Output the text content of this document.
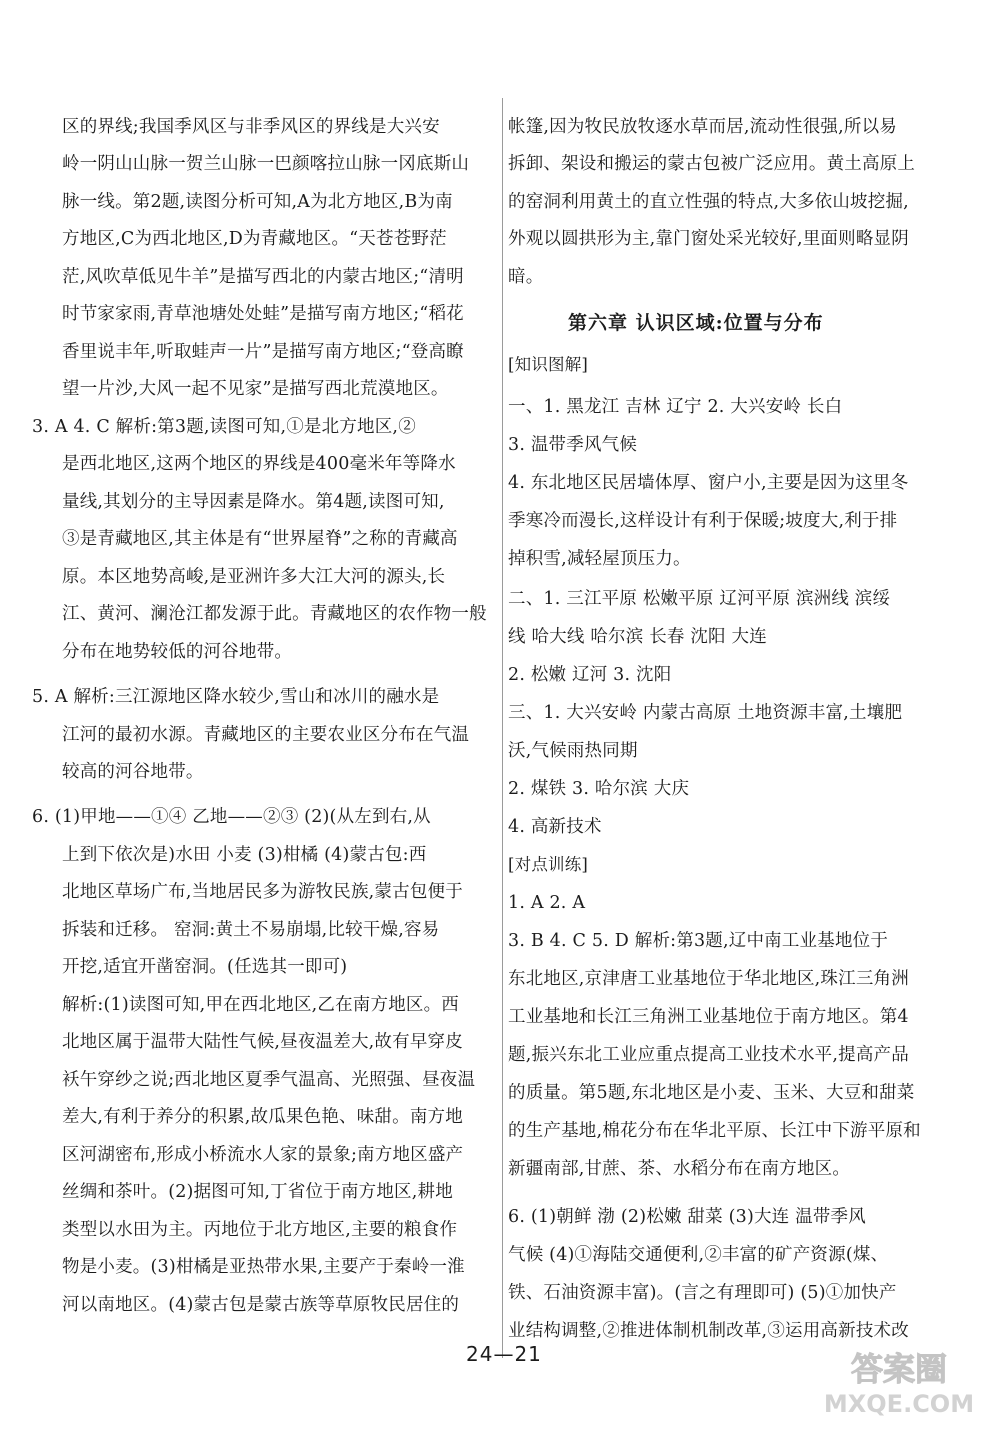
区的界线;我国季风区与非季风区的界线是大兴安
岭一阴山山脉一贺兰山脉一巴颜喀拉山脉一冈底斯山
脉一线。第2题,读图分析可知,A为北方地区,B为南
方地区,C为西北地区,D为青藏地区。“天苍苍野茫
茫,风吹草低见牛羊”是描写西北的内蒙古地区;“清明
时节家家雨,青草池塘处处蛙”是描写南方地区;“稻花
香里说丰年,听取蛙声一片”是描写南方地区;“登高瞭
望一片沙,大风一起不见家”是描写西北荒漠地区。
3. A 4. C 解析:第3题,读图可知,①是北方地区,②
是西北地区,这两个地区的界线是400毫米年等降水
量线,其划分的主导因素是降水。第4题,读图可知,
③是青藏地区,其主体是有“世界屋脊”之称的青藏高
原。本区地势高峻,是亚洲许多大江大河的源头,长
江、黄河、澜沧江都发源于此。青藏地区的农作物一般
分布在地势较低的河谷地带。
5. A 解析:三江源地区降水较少,雪山和冰川的融水是
江河的最初水源。青藏地区的主要农业区分布在气温
较高的河谷地带。
6. (1)甲地——①④ 乙地——②③ (2)(从左到右,从
上到下依次是)水田 小麦 (3)柑橘 (4)蒙古包:西
北地区草场广布,当地居民多为游牧民族,蒙古包便于
拆装和迁移。 窑洞:黄土不易崩塌,比较干燥,容易
开挖,适宜开凿窑洞。(任选其一即可)
解析:(1)读图可知,甲在西北地区,乙在南方地区。西
北地区属于温带大陆性气候,昼夜温差大,故有早穿皮
袄午穿纱之说;西北地区夏季气温高、光照强、昼夜温
差大,有利于养分的积累,故瓜果色艳、味甜。南方地
区河湖密布,形成小桥流水人家的景象;南方地区盛产
丝绸和茶叶。(2)据图可知,丁省位于南方地区,耕地
类型以水田为主。丙地位于北方地区,主要的粮食作
物是小麦。(3)柑橘是亚热带水果,主要产于秦岭一淮
河以南地区。(4)蒙古包是蒙古族等草原牧民居住的
帐篷,因为牧民放牧逐水草而居,流动性很强,所以易
拆卸、架设和搬运的蒙古包被广泛应用。黄土高原上
的窑洞利用黄土的直立性强的特点,大多依山坡挖掘,
外观以圆拱形为主,靠门窗处采光较好,里面则略显阴
暗。
第六章 认识区域:位置与分布
[知识图解]
一、1. 黑龙江 吉林 辽宁 2. 大兴安岭 长白
3. 温带季风气候
4. 东北地区民居墙体厚、窗户小,主要是因为这里冬
季寒冷而漫长,这样设计有利于保暖;坡度大,利于排
掉积雪,减轻屋顶压力。
二、1. 三江平原 松嫩平原 辽河平原 滨洲线 滨绥
线 哈大线 哈尔滨 长春 沈阳 大连
2. 松嫩 辽河 3. 沈阳
三、1. 大兴安岭 内蒙古高原 土地资源丰富,土壤肥
沃,气候雨热同期
2. 煤铁 3. 哈尔滨 大庆
4. 高新技术
[对点训练]
1. A 2. A
3. B 4. C 5. D 解析:第3题,辽中南工业基地位于
东北地区,京津唐工业基地位于华北地区,珠江三角洲
工业基地和长江三角洲工业基地位于南方地区。第4
题,振兴东北工业应重点提高工业技术水平,提高产品
的质量。第5题,东北地区是小麦、玉米、大豆和甜菜
的生产基地,棉花分布在华北平原、长江中下游平原和
新疆南部,甘蔗、茶、水稻分布在南方地区。
6. (1)朝鲜 渤 (2)松嫩 甜菜 (3)大连 温带季风
气候 (4)①海陆交通便利,②丰富的矿产资源(煤、
铁、石油资源丰富)。(言之有理即可) (5)①加快产
业结构调整,②推进体制机制改革,③运用高新技术改
24—21	答案圈
MXQE.COM
